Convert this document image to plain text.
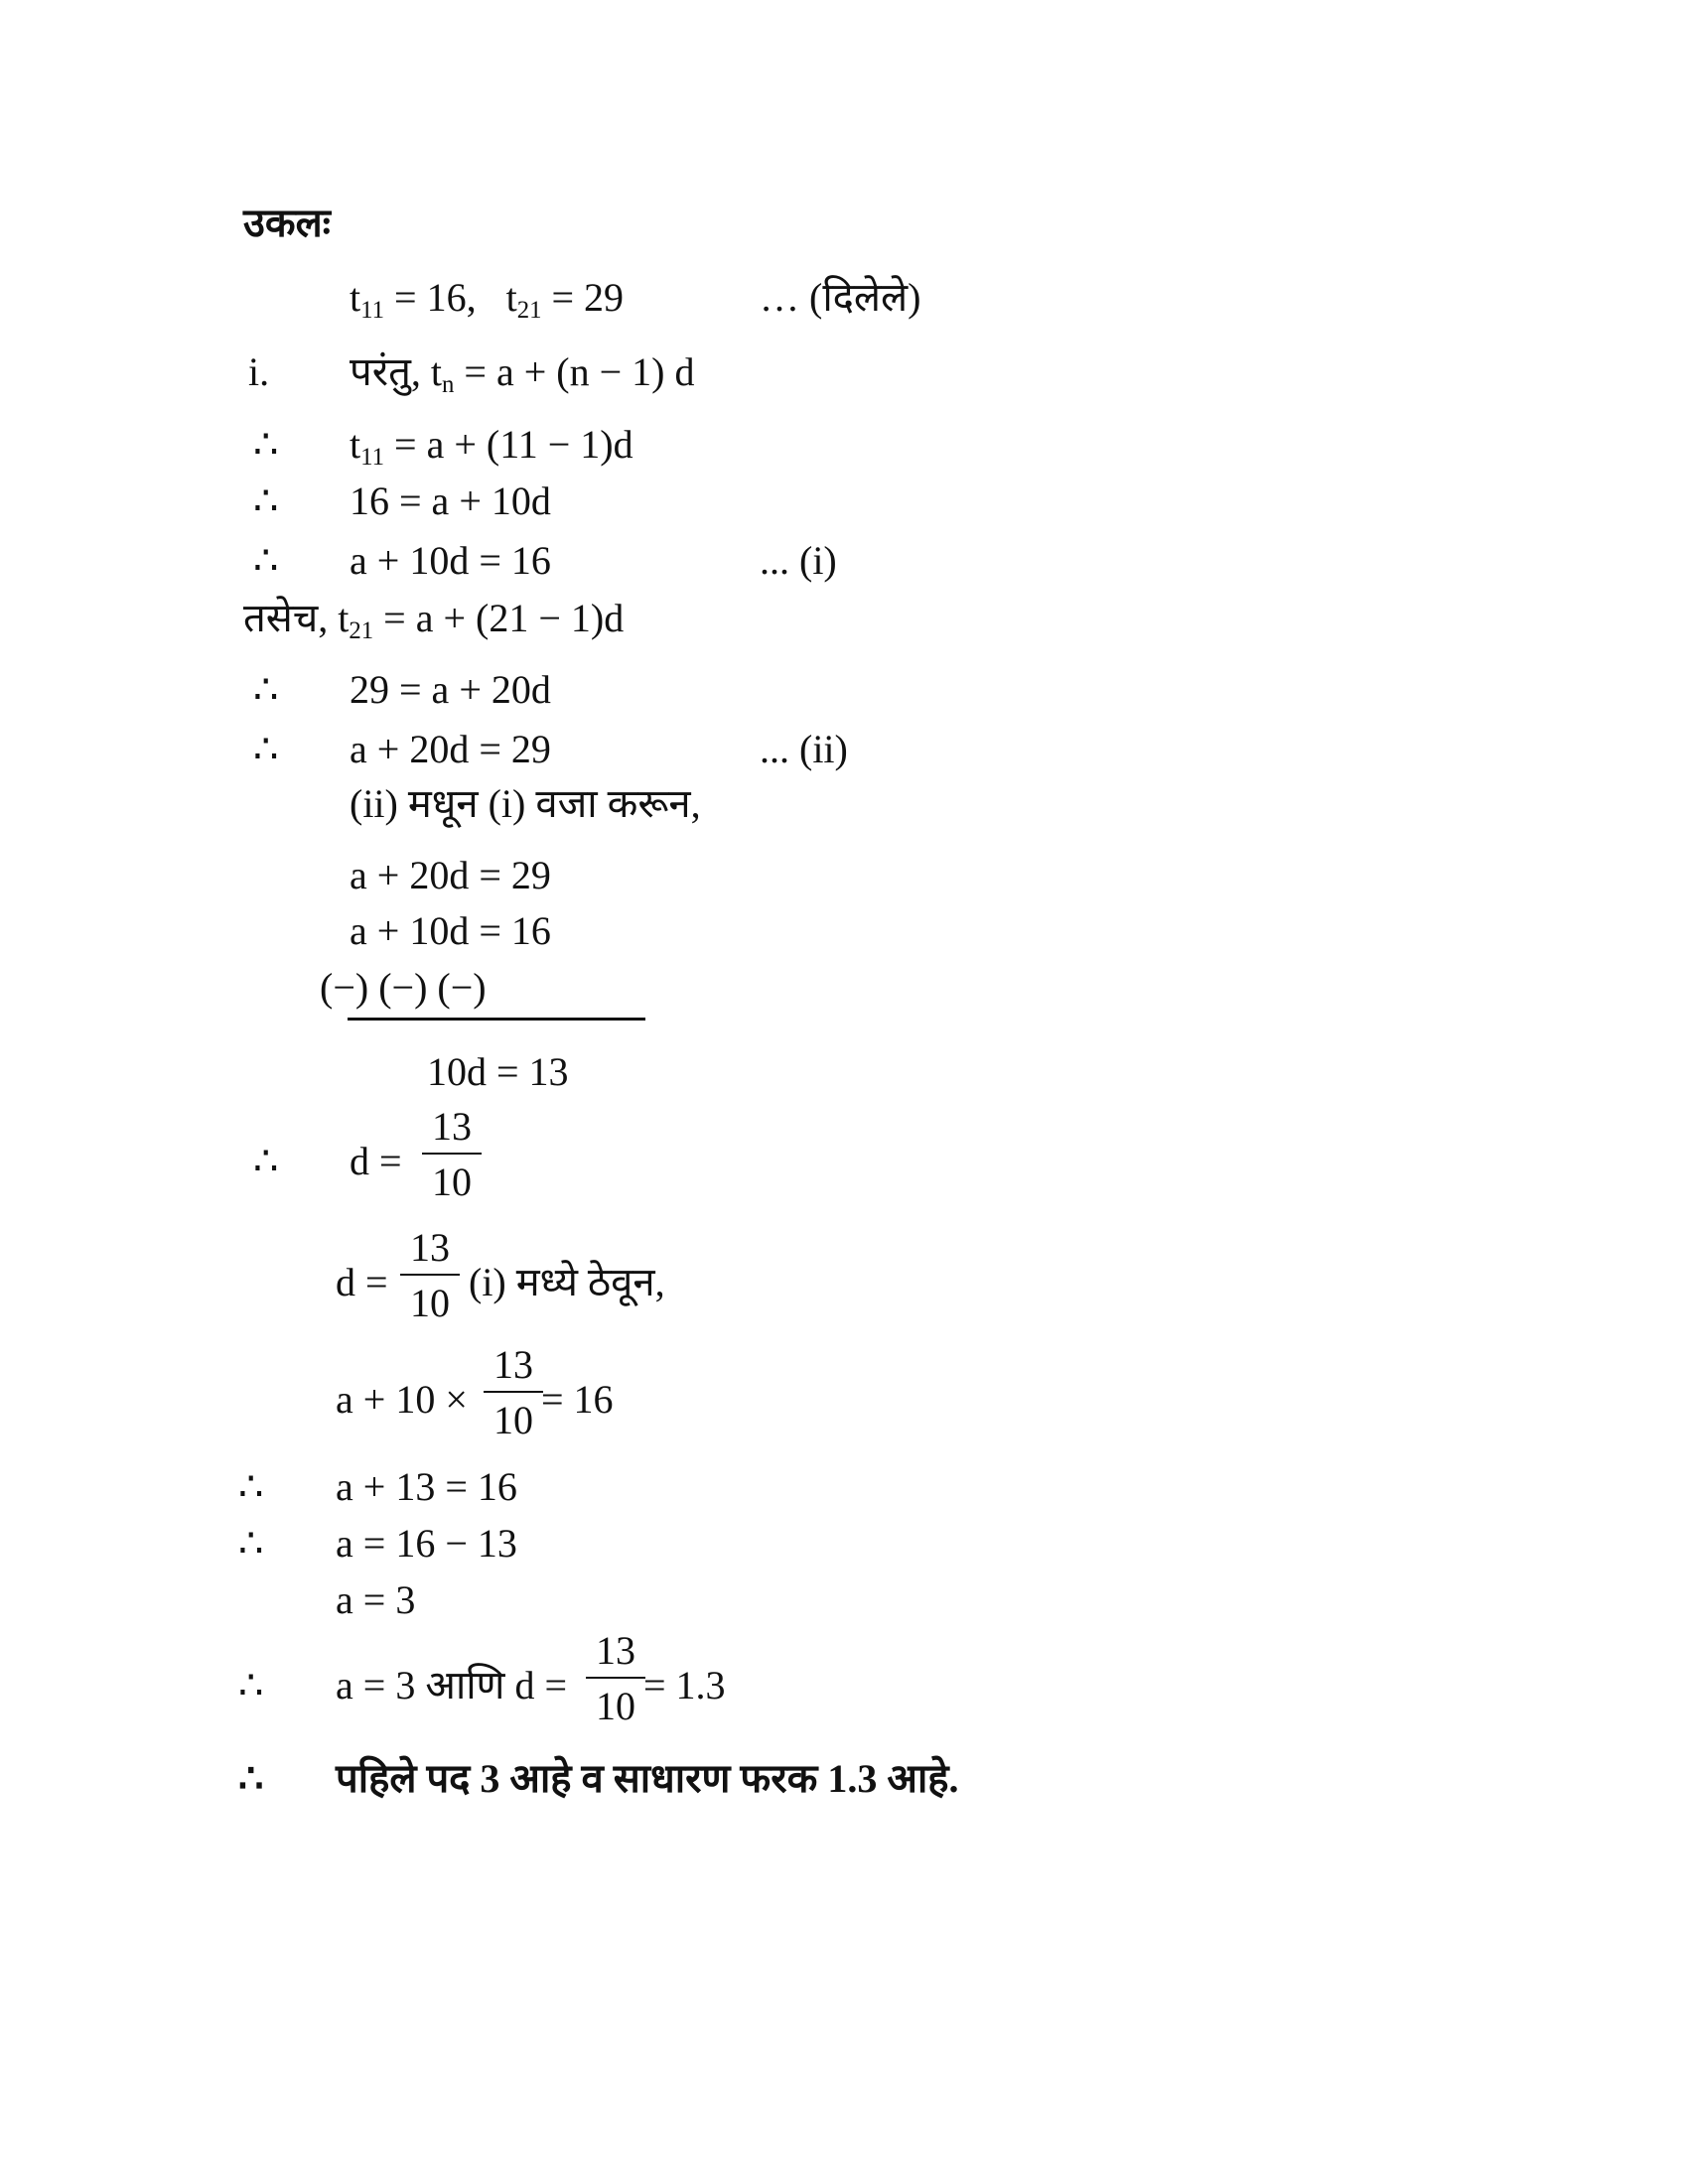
उकलः
$t_{11} = 16$, $t_{21} = 29$	… (दिलेले)
i. परंतु, $t_n = a + (n - 1)$ d
∴ $t_{11} = a + (11 - 1)d$
∴ 16 = a + 10d
∴ a + 10d = 16	... (i)
तसेच, $t_{21} = a + (21 - 1)d$
∴ 29 = a + 20d
∴ a + 20d = 29	... (ii)
(ii) मधून (i) वजा करून,
a + 20d = 29
a + 10d = 16
(−) (−) (−)
10d = 13
∴ d =
13
10
d =
13
10 (i) मध्ये ठेवून,
a + 10 ×
13
10 = 16
∴ a + 13 = 16
∴ a = 16 − 13
a = 3
∴ a = 3 आणि d =
13
10 = 1.3
∴ पहिले पद 3 आहे व साधारण फरक 1.3 आहे.
